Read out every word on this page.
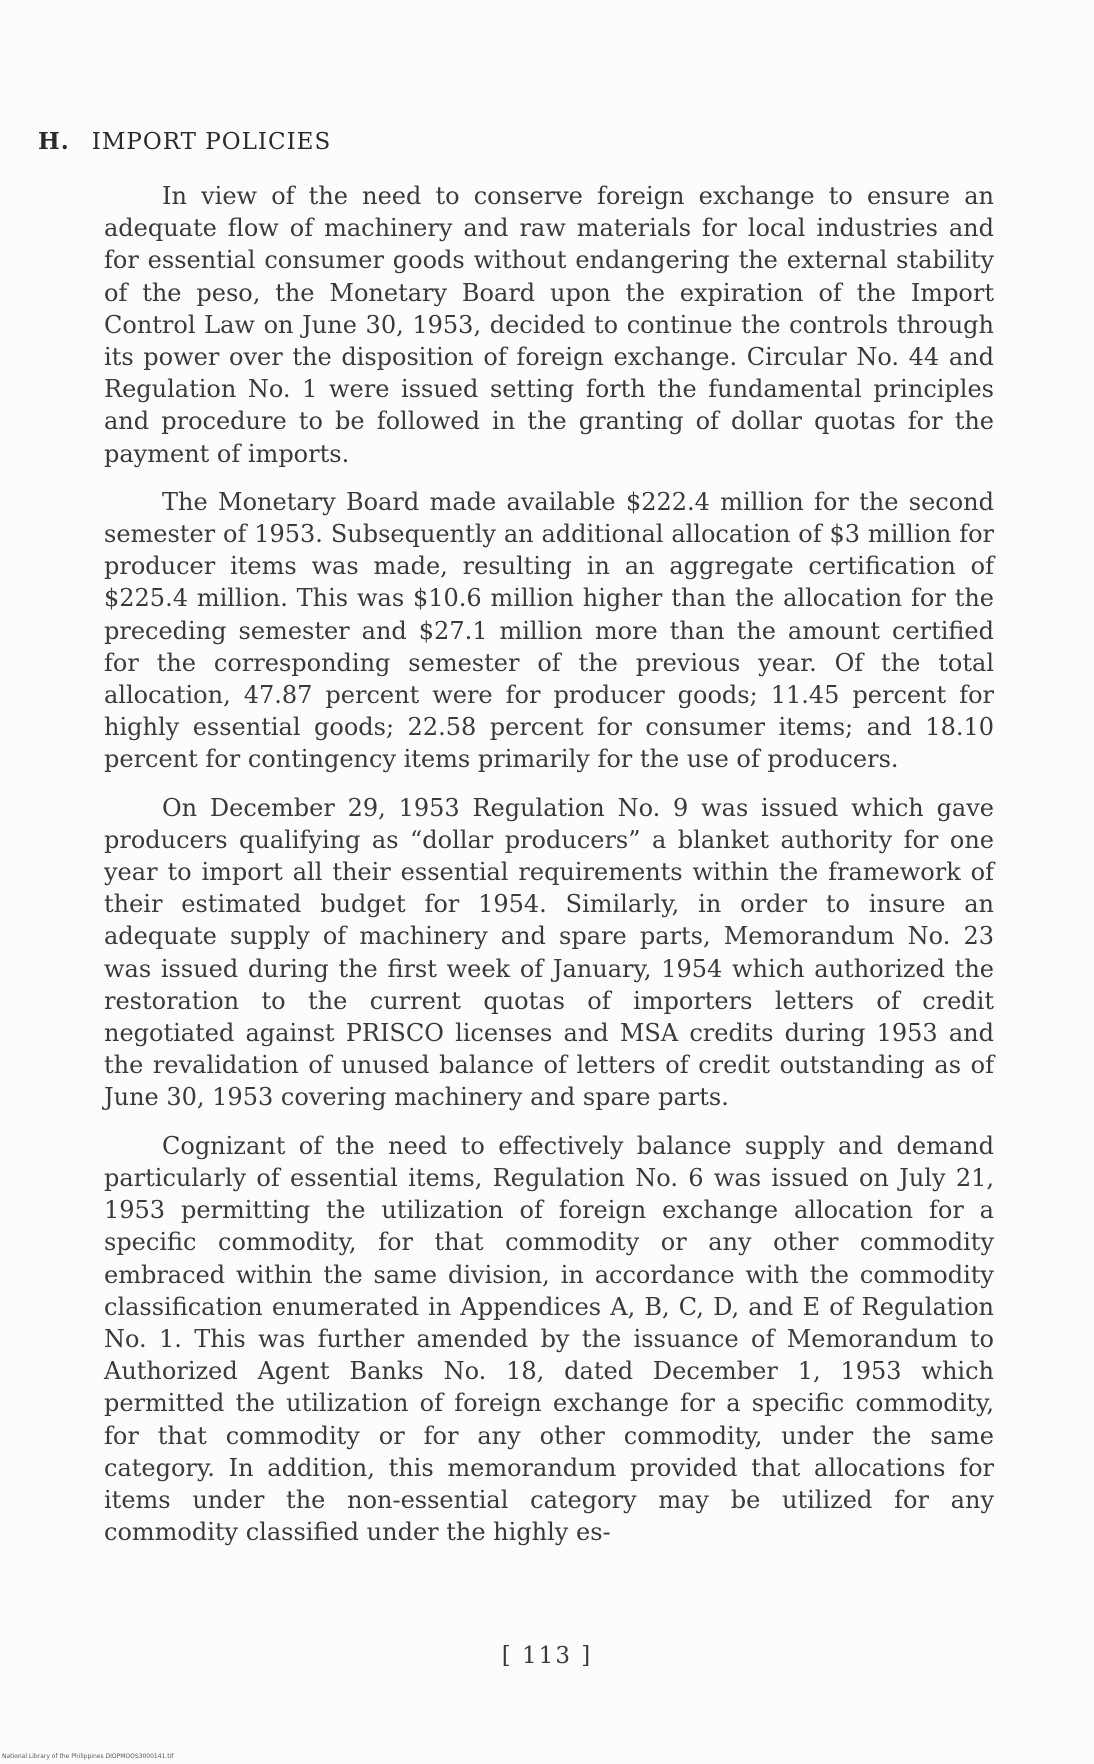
H. IMPORT POLICIES

In view of the need to conserve foreign exchange to ensure an adequate flow of machinery and raw materials for local industries and for essential consumer goods without endangering the external stability of the peso, the Monetary Board upon the expiration of the Import Control Law on June 30, 1953, decided to continue the controls through its power over the disposition of foreign exchange. Circular No. 44 and Regulation No. 1 were issued setting forth the fundamental principles and procedure to be followed in the granting of dollar quotas for the payment of imports.

The Monetary Board made available $222.4 million for the second semester of 1953. Subsequently an additional allocation of $3 million for producer items was made, resulting in an aggregate certification of $225.4 million. This was $10.6 million higher than the allocation for the preceding semester and $27.1 million more than the amount certified for the corresponding semester of the previous year. Of the total allocation, 47.87 percent were for producer goods; 11.45 percent for highly essential goods; 22.58 percent for consumer items; and 18.10 percent for contingency items primarily for the use of producers.

On December 29, 1953 Regulation No. 9 was issued which gave producers qualifying as “dollar producers” a blanket authority for one year to import all their essential requirements within the framework of their estimated budget for 1954. Similarly, in order to insure an adequate supply of machinery and spare parts, Memorandum No. 23 was issued during the first week of January, 1954 which authorized the restoration to the current quotas of importers letters of credit negotiated against PRISCO licenses and MSA credits during 1953 and the revalidation of unused balance of letters of credit outstanding as of June 30, 1953 covering machinery and spare parts.

Cognizant of the need to effectively balance supply and demand particularly of essential items, Regulation No. 6 was issued on July 21, 1953 permitting the utilization of foreign exchange allocation for a specific commodity, for that commodity or any other commodity embraced within the same division, in accordance with the commodity classification enumerated in Appendices A, B, C, D, and E of Regulation No. 1. This was further amended by the issuance of Memorandum to Authorized Agent Banks No. 18, dated December 1, 1953 which permitted the utilization of foreign exchange for a specific commodity, for that commodity or for any other commodity, under the same category. In addition, this memorandum provided that allocations for items under the non-essential category may be utilized for any commodity classified under the highly es-

[ 113 ]
National Library of the Philippines DIOPMOOS3000141.tif
